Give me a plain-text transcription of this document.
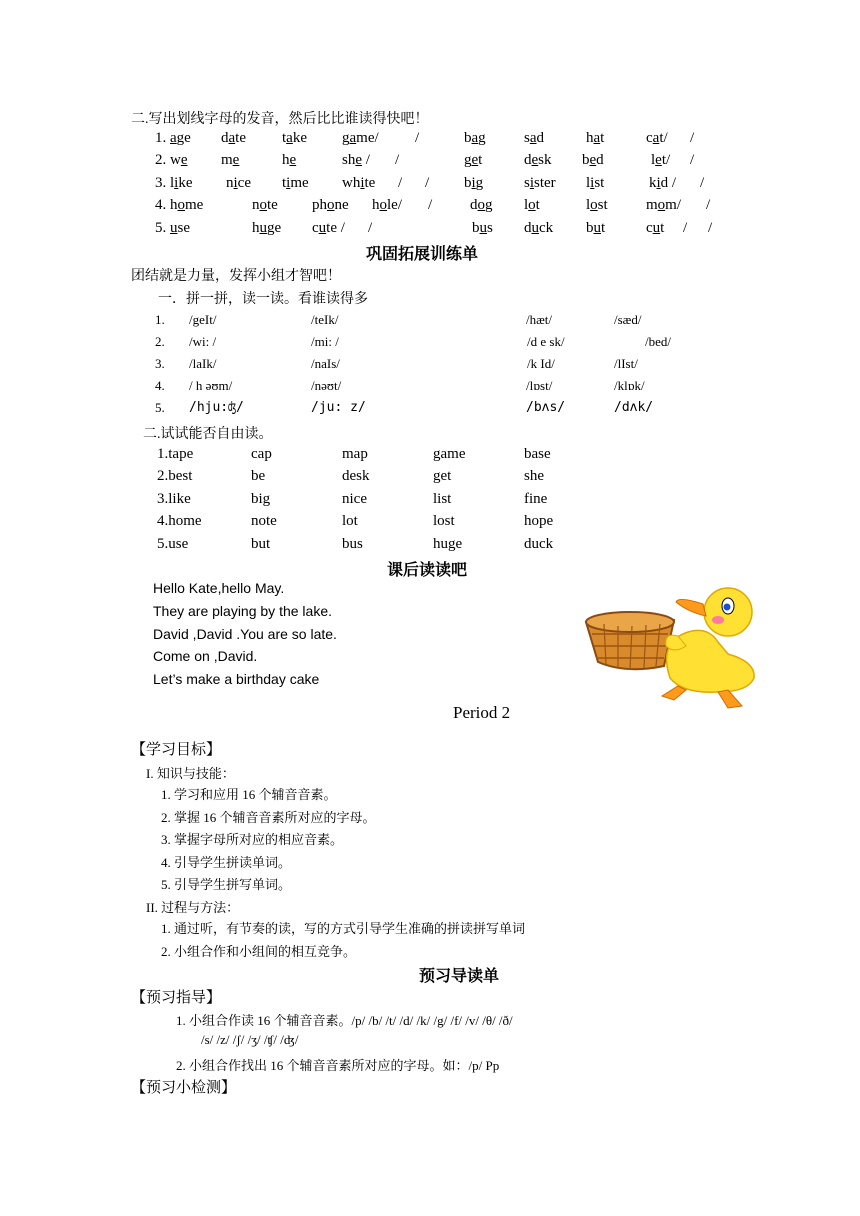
二.写出划线字母的发音，然后比比谁读得快吧！
1. age date take game/ /	bag	sad	hat	cat/ /
2. we me	he	she / /	get	desk bed	let/ /
3. like nice time white / / big	sister list	kid / /
4. home	note phone hole/ /	dog lot	lost	mom/ /
5. use	huge cute / /	bus duck but	cut / /
巩固拓展训练单
团结就是力量，发挥小组才智吧！
一．拼一拼，读一读。看谁读得多
1. /geIt/	/teIk/	/hæt/	/sæd/
2. /wi: /	/mi: /	/d e sk/	/bed/
3. /laIk/	/naIs/	/k Id/	/lIst/
4. / h əʊm/	/nəʊt/	/lɒst/	/klɒk/
5. /hju:ʤ/	/ju: z/	/bʌs/	/dʌk/
二.试试能否自由读。
1.tape	cap	map	game	base
2.best	be	desk	get	she
3.like	big	nice	list	fine
4.home	note	lot	lost	hope
5.use	but	bus	huge	duck
课后读读吧
Hello Kate,hello May.
They are playing by the lake.
David ,David .You are so late.
Come on ,David.
Let’s make a birthday cake
Period 2
【学习目标】
I. 知识与技能：
1. 学习和应用 16 个辅音音素。
2. 掌握 16 个辅音音素所对应的字母。
3. 掌握字母所对应的相应音素。
4. 引导学生拼读单词。
5. 引导学生拼写单词。
II. 过程与方法：
1. 通过听，有节奏的读，写的方式引导学生准确的拼读拼写单词
2. 小组合作和小组间的相互竞争。
预习导读单
【预习指导】
1. 小组合作读 16 个辅音音素。/p/ /b/ /t/ /d/ /k/ /g/ /f/ /v/ /θ/ /ð/
/s/ /z/ /ʃ/ /ʒ/ /ʧ/ /ʤ/
2. 小组合作找出 16 个辅音音素所对应的字母。如：/p/ Pp
【预习小检测】
